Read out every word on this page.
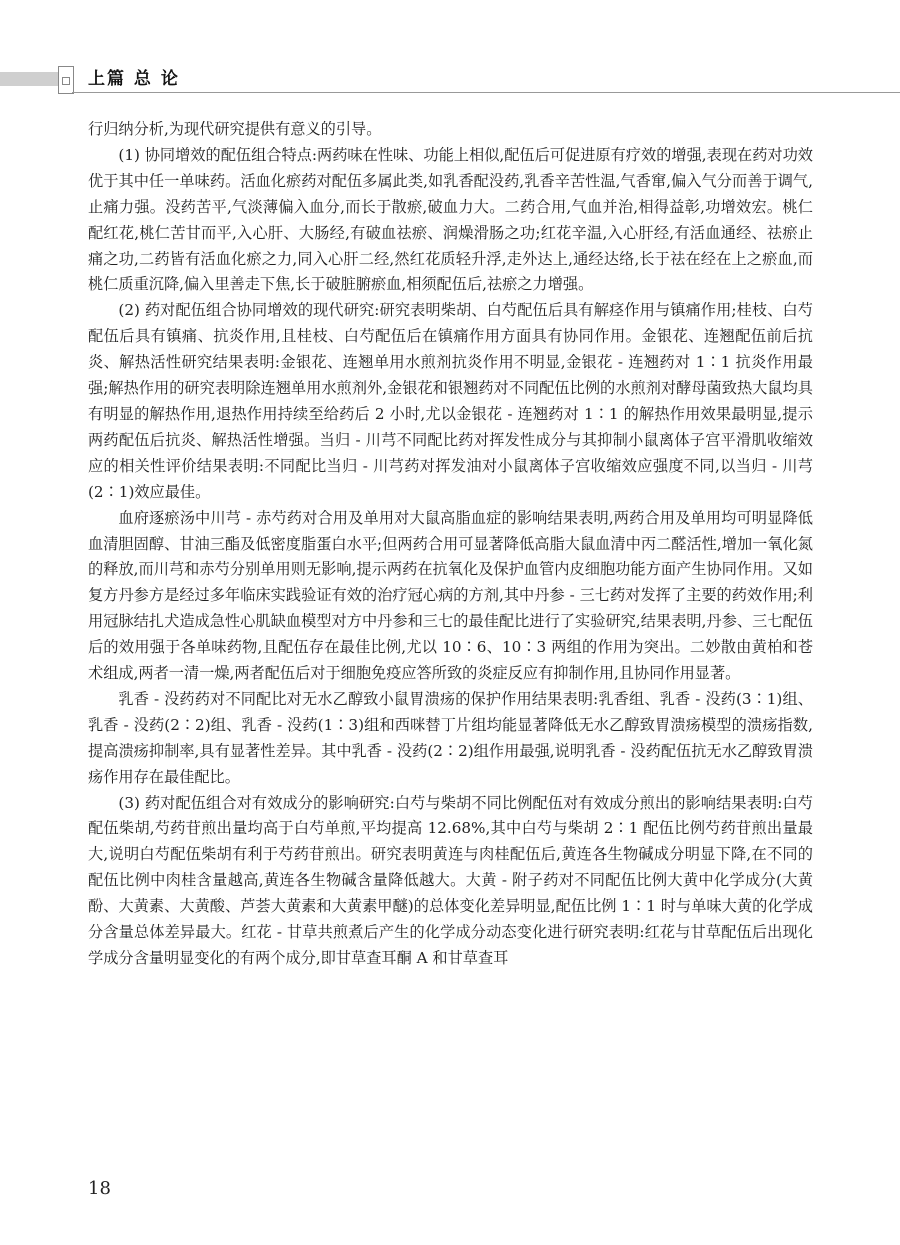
上篇 总 论

行归纳分析,为现代研究提供有意义的引导。

(1) 协同增效的配伍组合特点:两药味在性味、功能上相似,配伍后可促进原有疗效的增强,表现在药对功效优于其中任一单味药。活血化瘀药对配伍多属此类,如乳香配没药,乳香辛苦性温,气香窜,偏入气分而善于调气,止痛力强。没药苦平,气淡薄偏入血分,而长于散瘀,破血力大。二药合用,气血并治,相得益彰,功增效宏。桃仁配红花,桃仁苦甘而平,入心肝、大肠经,有破血祛瘀、润燥滑肠之功;红花辛温,入心肝经,有活血通经、祛瘀止痛之功,二药皆有活血化瘀之力,同入心肝二经,然红花质轻升浮,走外达上,通经达络,长于祛在经在上之瘀血,而桃仁质重沉降,偏入里善走下焦,长于破脏腑瘀血,相须配伍后,祛瘀之力增强。

(2) 药对配伍组合协同增效的现代研究:研究表明柴胡、白芍配伍后具有解痉作用与镇痛作用;桂枝、白芍配伍后具有镇痛、抗炎作用,且桂枝、白芍配伍后在镇痛作用方面具有协同作用。金银花、连翘配伍前后抗炎、解热活性研究结果表明:金银花、连翘单用水煎剂抗炎作用不明显,金银花 - 连翘药对 1∶1 抗炎作用最强;解热作用的研究表明除连翘单用水煎剂外,金银花和银翘药对不同配伍比例的水煎剂对酵母菌致热大鼠均具有明显的解热作用,退热作用持续至给药后 2 小时,尤以金银花 - 连翘药对 1∶1 的解热作用效果最明显,提示两药配伍后抗炎、解热活性增强。当归 - 川芎不同配比药对挥发性成分与其抑制小鼠离体子宫平滑肌收缩效应的相关性评价结果表明:不同配比当归 - 川芎药对挥发油对小鼠离体子宫收缩效应强度不同,以当归 - 川芎(2∶1)效应最佳。

血府逐瘀汤中川芎 - 赤芍药对合用及单用对大鼠高脂血症的影响结果表明,两药合用及单用均可明显降低血清胆固醇、甘油三酯及低密度脂蛋白水平;但两药合用可显著降低高脂大鼠血清中丙二醛活性,增加一氧化氮的释放,而川芎和赤芍分别单用则无影响,提示两药在抗氧化及保护血管内皮细胞功能方面产生协同作用。又如复方丹参方是经过多年临床实践验证有效的治疗冠心病的方剂,其中丹参 - 三七药对发挥了主要的药效作用;利用冠脉结扎犬造成急性心肌缺血模型对方中丹参和三七的最佳配比进行了实验研究,结果表明,丹参、三七配伍后的效用强于各单味药物,且配伍存在最佳比例,尤以 10∶6、10∶3 两组的作用为突出。二妙散由黄柏和苍术组成,两者一清一燥,两者配伍后对于细胞免疫应答所致的炎症反应有抑制作用,且协同作用显著。

乳香 - 没药药对不同配比对无水乙醇致小鼠胃溃疡的保护作用结果表明:乳香组、乳香 - 没药(3∶1)组、乳香 - 没药(2∶2)组、乳香 - 没药(1∶3)组和西咪替丁片组均能显著降低无水乙醇致胃溃疡模型的溃疡指数,提高溃疡抑制率,具有显著性差异。其中乳香 - 没药(2∶2)组作用最强,说明乳香 - 没药配伍抗无水乙醇致胃溃疡作用存在最佳配比。

(3) 药对配伍组合对有效成分的影响研究:白芍与柴胡不同比例配伍对有效成分煎出的影响结果表明:白芍配伍柴胡,芍药苷煎出量均高于白芍单煎,平均提高 12.68%,其中白芍与柴胡 2∶1 配伍比例芍药苷煎出量最大,说明白芍配伍柴胡有利于芍药苷煎出。研究表明黄连与肉桂配伍后,黄连各生物碱成分明显下降,在不同的配伍比例中肉桂含量越高,黄连各生物碱含量降低越大。大黄 - 附子药对不同配伍比例大黄中化学成分(大黄酚、大黄素、大黄酸、芦荟大黄素和大黄素甲醚)的总体变化差异明显,配伍比例 1∶1 时与单味大黄的化学成分含量总体差异最大。红花 - 甘草共煎煮后产生的化学成分动态变化进行研究表明:红花与甘草配伍后出现化学成分含量明显变化的有两个成分,即甘草查耳酮 A 和甘草查耳

18
